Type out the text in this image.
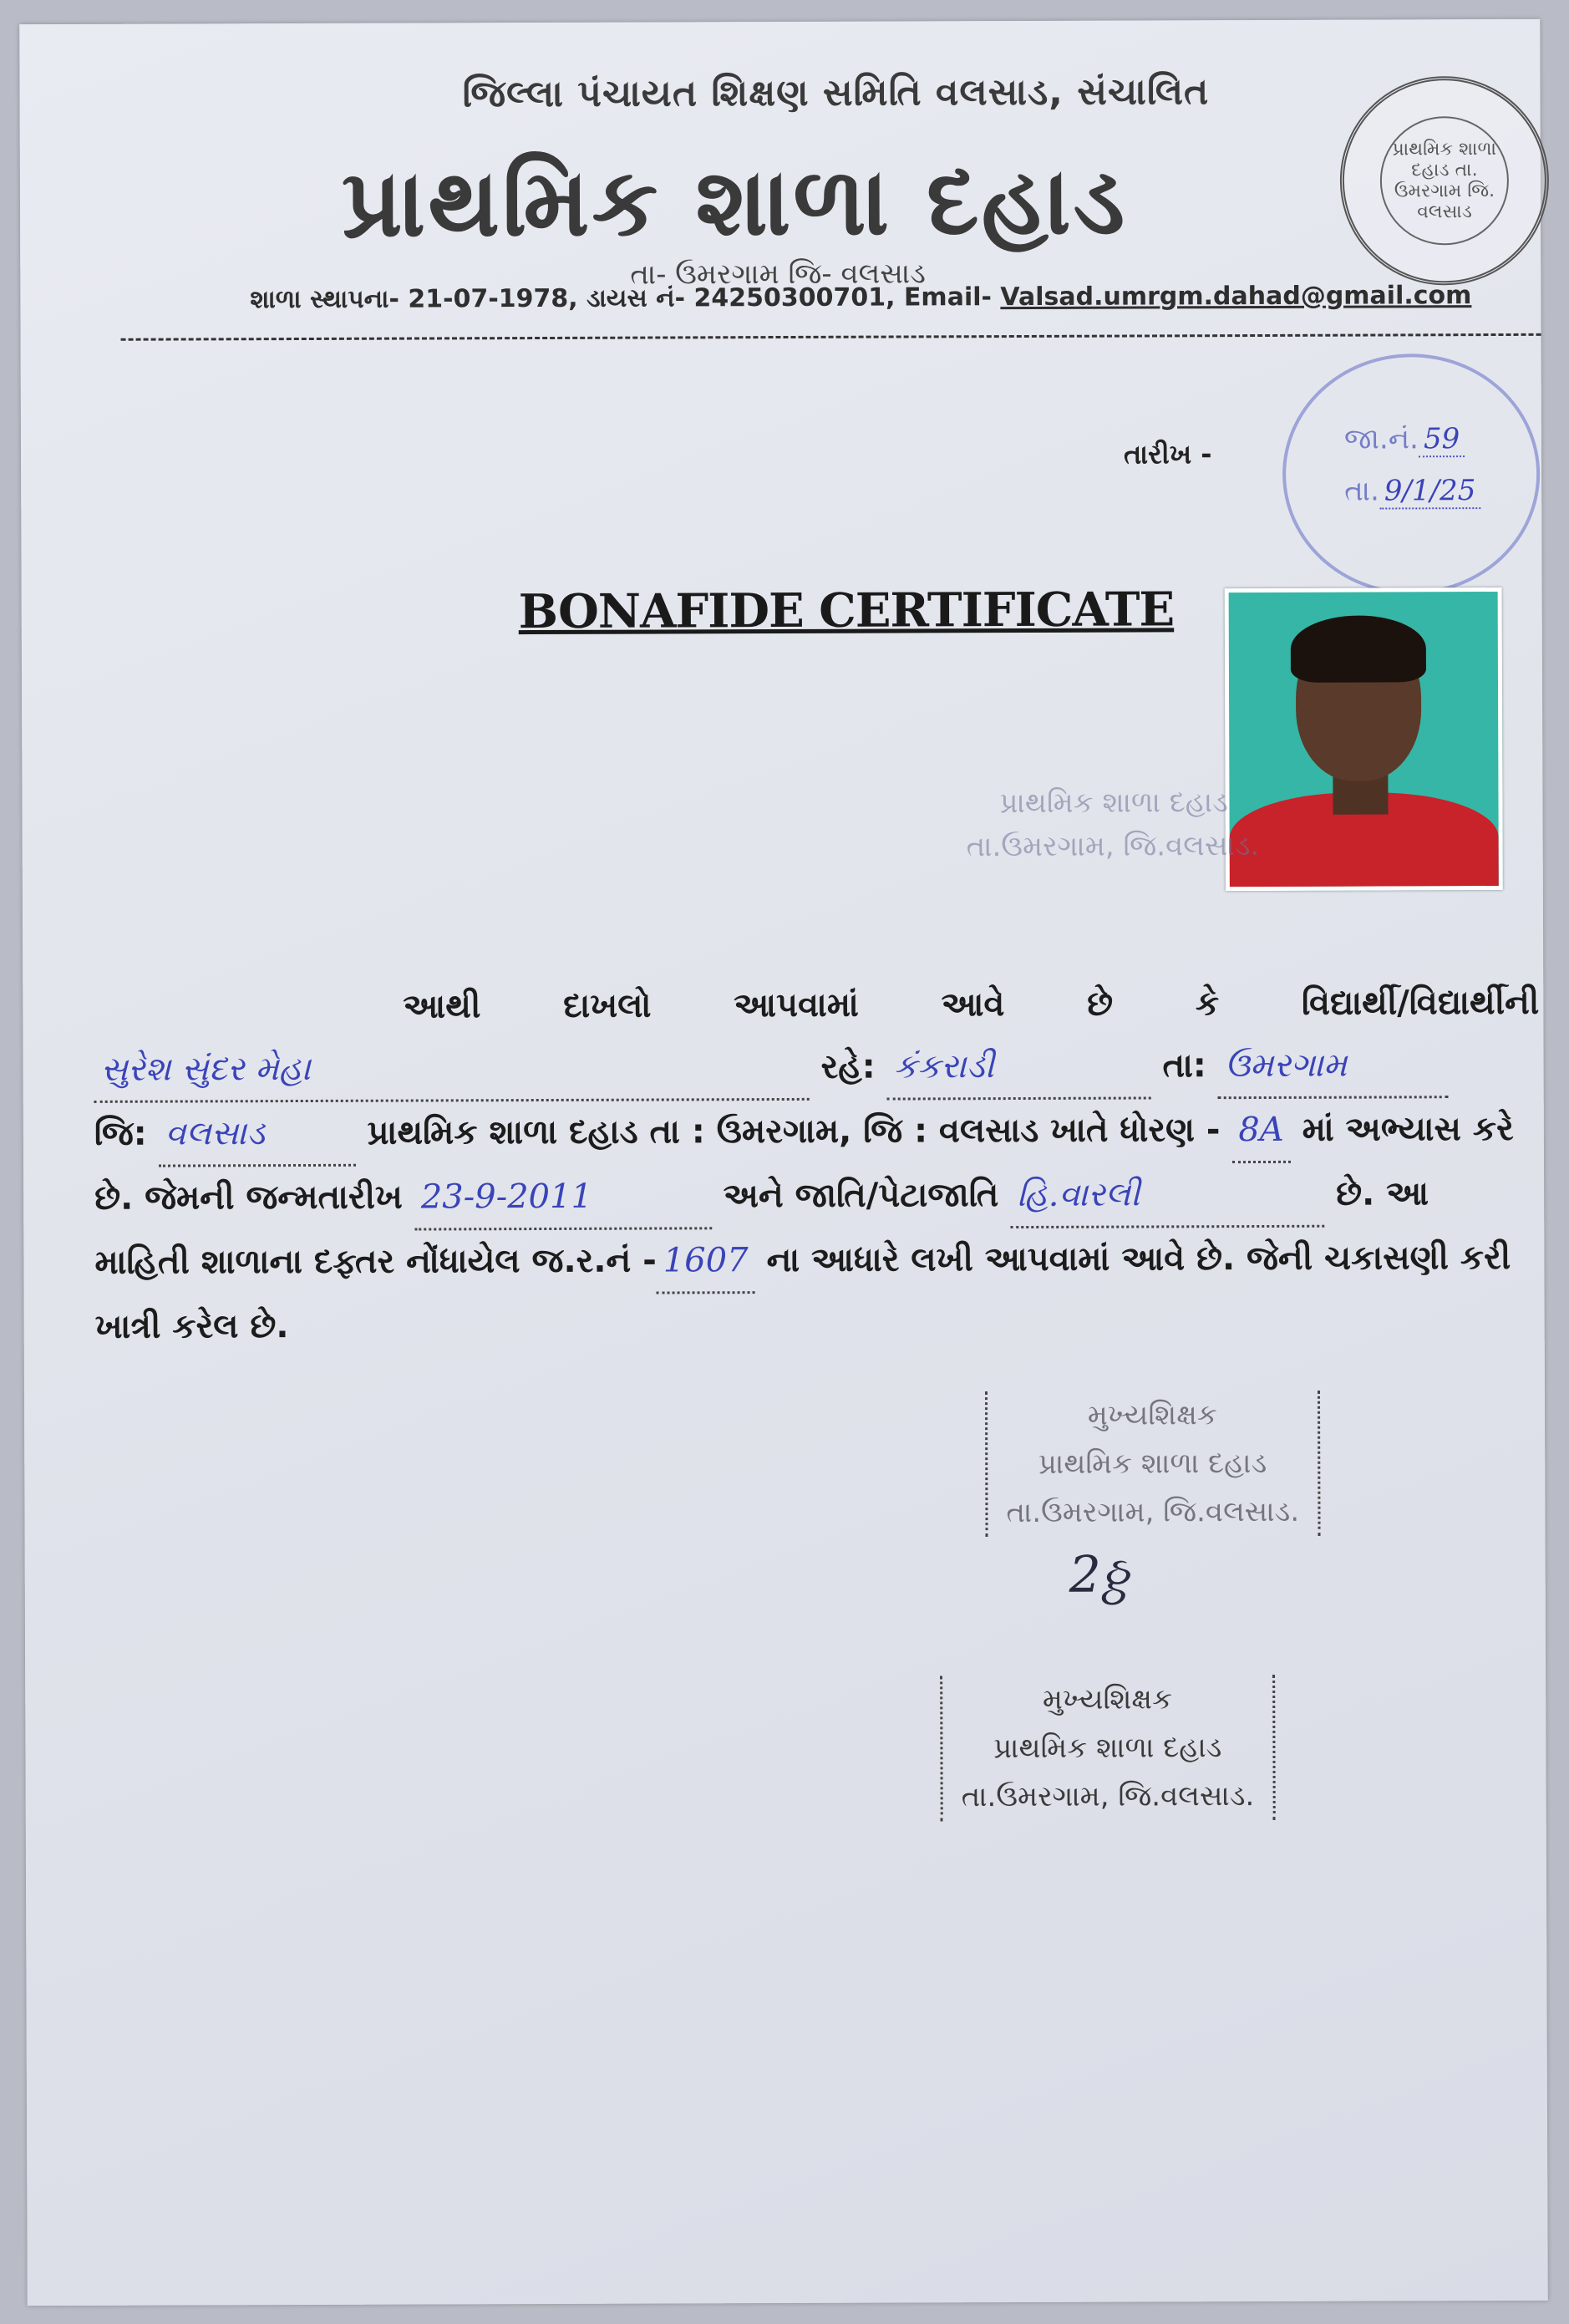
જિલ્લા પંચાયત શિક્ષણ સમિતિ વલસાડ, સંચાલિત
પ્રાથમિક શાળા દહાડ
તા- ઉમરગામ જિ- વલસાડ
શાળા સ્થાપના- 21-07-1978, ડાયસ નં- 24250300701, Email- Valsad.umrgm.dahad@gmail.com
પ્રાથમિક શાળા દહાડ તા. ઉમરગામ જિ. વલસાડ
જા.નં. 59
તા. 9/1/25
તારીખ -
BONAFIDE CERTIFICATE
પ્રાથમિક શાળા દહાડ
તા.ઉમરગામ, જિ.વલસાડ.
આથી દાખલો આપવામાં આવે છે કે વિદ્યાર્થી/વિદ્યાર્થીની
સુરેશ સુંદર મેહા	રહે: કંકરાડી	તા: ઉમરગામ
જિ: વલસાડ	પ્રાથમિક શાળા દહાડ તા : ઉમરગામ, જિ : વલસાડ ખાતે ધોરણ - 8A માં અભ્યાસ કરે
છે. જેમની જન્મતારીખ 23-9-2011	અને જાતિ/પેટાજાતિ હિ.વારલી	છે. આ
માહિતી શાળાના દફ્તર નોંધાયેલ જ.ર.નં - 1607 ના આધારે લખી આપવામાં આવે છે. જેની ચકાસણી કરી
ખાત્રી કરેલ છે.
મુખ્યશિક્ષક
પ્રાથમિક શાળા દહાડ
તા.ઉમરગામ, જિ.વલસાડ.
2ઠ્ઠ
મુખ્યશિક્ષક
પ્રાથમિક શાળા દહાડ
તા.ઉમરગામ, જિ.વલસાડ.
